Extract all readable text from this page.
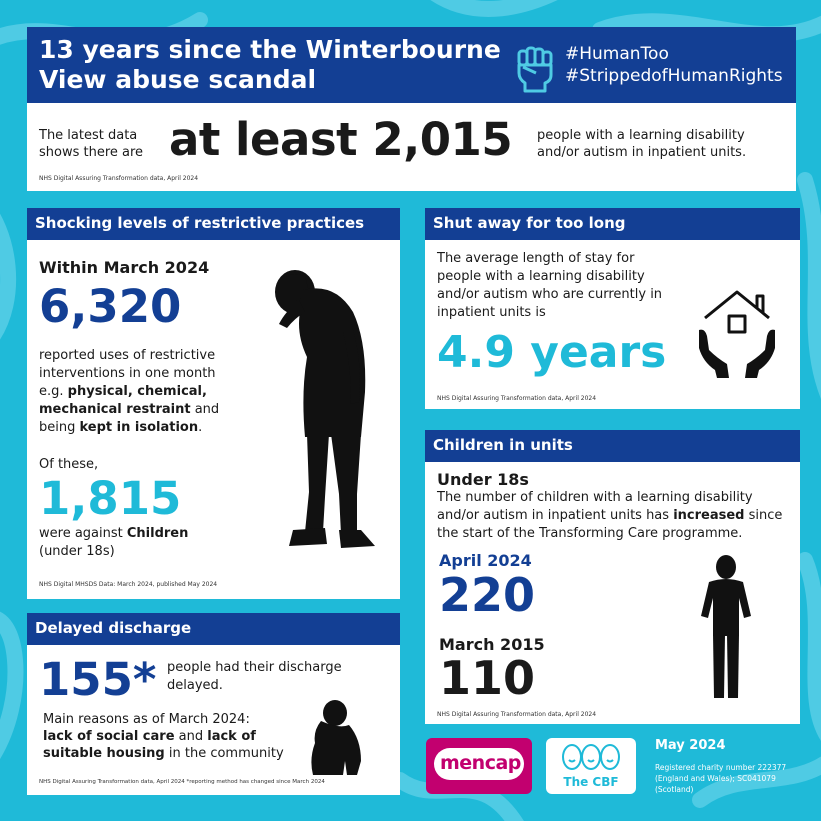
13 years since the Winterbourne
View abuse scandal
#HumanToo
#StrippedofHumanRights
The latest data
shows there are at least 2,015 people with a learning disability
and/or autism in inpatient units.
NHS Digital Assuring Transformation data, April 2024
Shocking levels of restrictive practices
Within March 2024
6,320
reported uses of restrictive
interventions in one month
e.g. physical, chemical,
mechanical restraint and
being kept in isolation.
Of these,
1,815
were against Children
(under 18s)
NHS Digital MHSDS Data: March 2024, published May 2024
Shut away for too long
The average length of stay for
people with a learning disability
and/or autism who are currently in
inpatient units is
4.9 years
NHS Digital Assuring Transformation data, April 2024
Children in units
Under 18s
The number of children with a learning disability
and/or autism in inpatient units has increased since
the start of the Transforming Care programme.
April 2024
220
March 2015
110
NHS Digital Assuring Transformation data, April 2024
Delayed discharge
155* people had their discharge
delayed.
Main reasons as of March 2024:
lack of social care and lack of
suitable housing in the community
NHS Digital Assuring Transformation data, April 2024 *reporting method has changed since March 2024
mencap
The CBF
May 2024
Registered charity number 222377
(England and Wales); SC041079
(Scotland)
